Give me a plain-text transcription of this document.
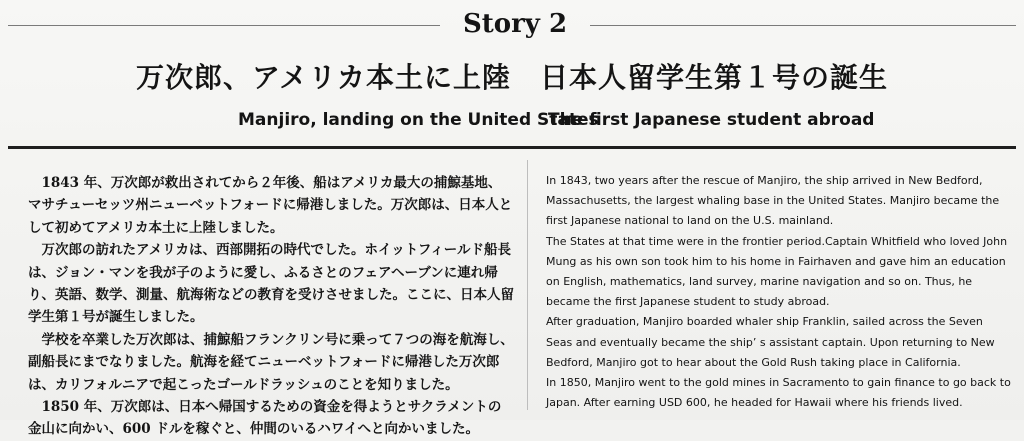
Story 2
万次郎、アメリカ本土に上陸　日本人留学生第１号の誕生
Manjiro, landing on the United States
The first Japanese student abroad

1843 年、万次郎が救出されてから２年後、船はアメリカ最大の捕鯨基地、マサチューセッツ州ニューベットフォードに帰港しました。万次郎は、日本人として初めてアメリカ本土に上陸しました。

万次郎の訪れたアメリカは、西部開拓の時代でした。ホイットフィールド船長は、ジョン・マンを我が子のように愛し、ふるさとのフェアヘーブンに連れ帰り、英語、数学、測量、航海術などの教育を受けさせました。ここに、日本人留学生第１号が誕生しました。

学校を卒業した万次郎は、捕鯨船フランクリン号に乗って７つの海を航海し、副船長にまでなりました。航海を経てニューベットフォードに帰港した万次郎は、カリフォルニアで起こったゴールドラッシュのことを知りました。

1850 年、万次郎は、日本へ帰国するための資金を得ようとサクラメントの金山に向かい、600 ドルを稼ぐと、仲間のいるハワイへと向かいました。

In 1843, two years after the rescue of Manjiro, the ship arrived in New Bedford, Massachusetts, the largest whaling base in the United States. Manjiro became the first Japanese national to land on the U.S. mainland.

The States at that time were in the frontier period.Captain Whitfield who loved John Mung as his own son took him to his home in Fairhaven and gave him an education on English, mathematics, land survey, marine navigation and so on. Thus, he became the first Japanese student to study abroad.

After graduation, Manjiro boarded whaler ship Franklin, sailed across the Seven Seas and eventually became the ship’ s assistant captain. Upon returning to New Bedford, Manjiro got to hear about the Gold Rush taking place in California.

In 1850, Manjiro went to the gold mines in Sacramento to gain finance to go back to Japan. After earning USD 600, he headed for Hawaii where his friends lived.
